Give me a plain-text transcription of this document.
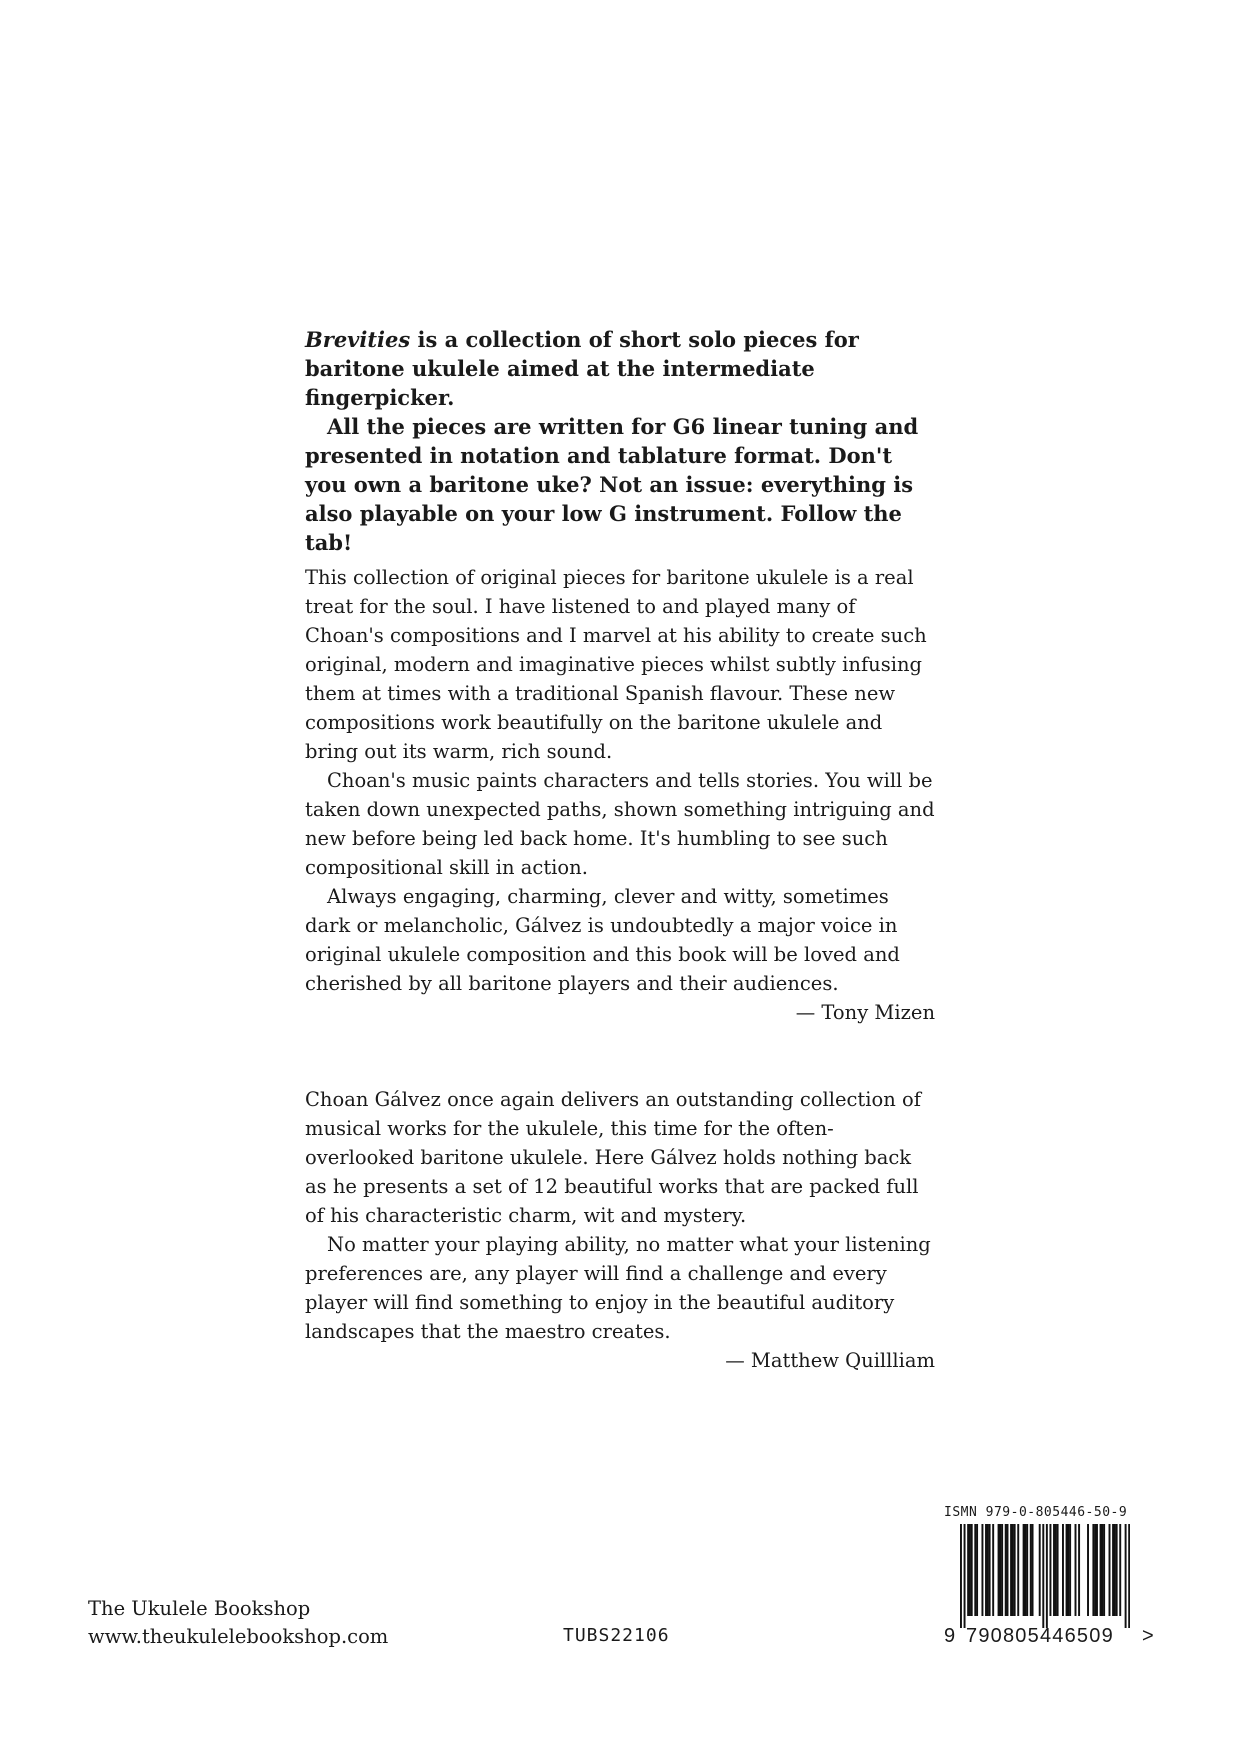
Brevities is a collection of short solo pieces for baritone ukulele aimed at the intermediate fingerpicker.

All the pieces are written for G6 linear tuning and presented in notation and tablature format. Don't you own a baritone uke? Not an issue: everything is also playable on your low G instrument. Follow the tab!

This collection of original pieces for baritone ukulele is a real treat for the soul. I have listened to and played many of Choan's compositions and I marvel at his ability to create such original, modern and imaginative pieces whilst subtly infusing them at times with a traditional Spanish flavour. These new compositions work beautifully on the baritone ukulele and bring out its warm, rich sound.

Choan's music paints characters and tells stories. You will be taken down unexpected paths, shown something intriguing and new before being led back home. It's humbling to see such compositional skill in action.

Always engaging, charming, clever and witty, sometimes dark or melancholic, Gálvez is undoubtedly a major voice in original ukulele composition and this book will be loved and cherished by all baritone players and their audiences.

— Tony Mizen

Choan Gálvez once again delivers an outstanding collection of musical works for the ukulele, this time for the often-overlooked baritone ukulele. Here Gálvez holds nothing back as he presents a set of 12 beautiful works that are packed full of his characteristic charm, wit and mystery.

No matter your playing ability, no matter what your listening preferences are, any player will find a challenge and every player will find something to enjoy in the beautiful auditory landscapes that the maestro creates.

— Matthew Quillliam

The Ukulele Bookshop
www.theukulelebookshop.com	TUBS22106
ISMN 979-0-805446-50-9
9 790805446509	>
